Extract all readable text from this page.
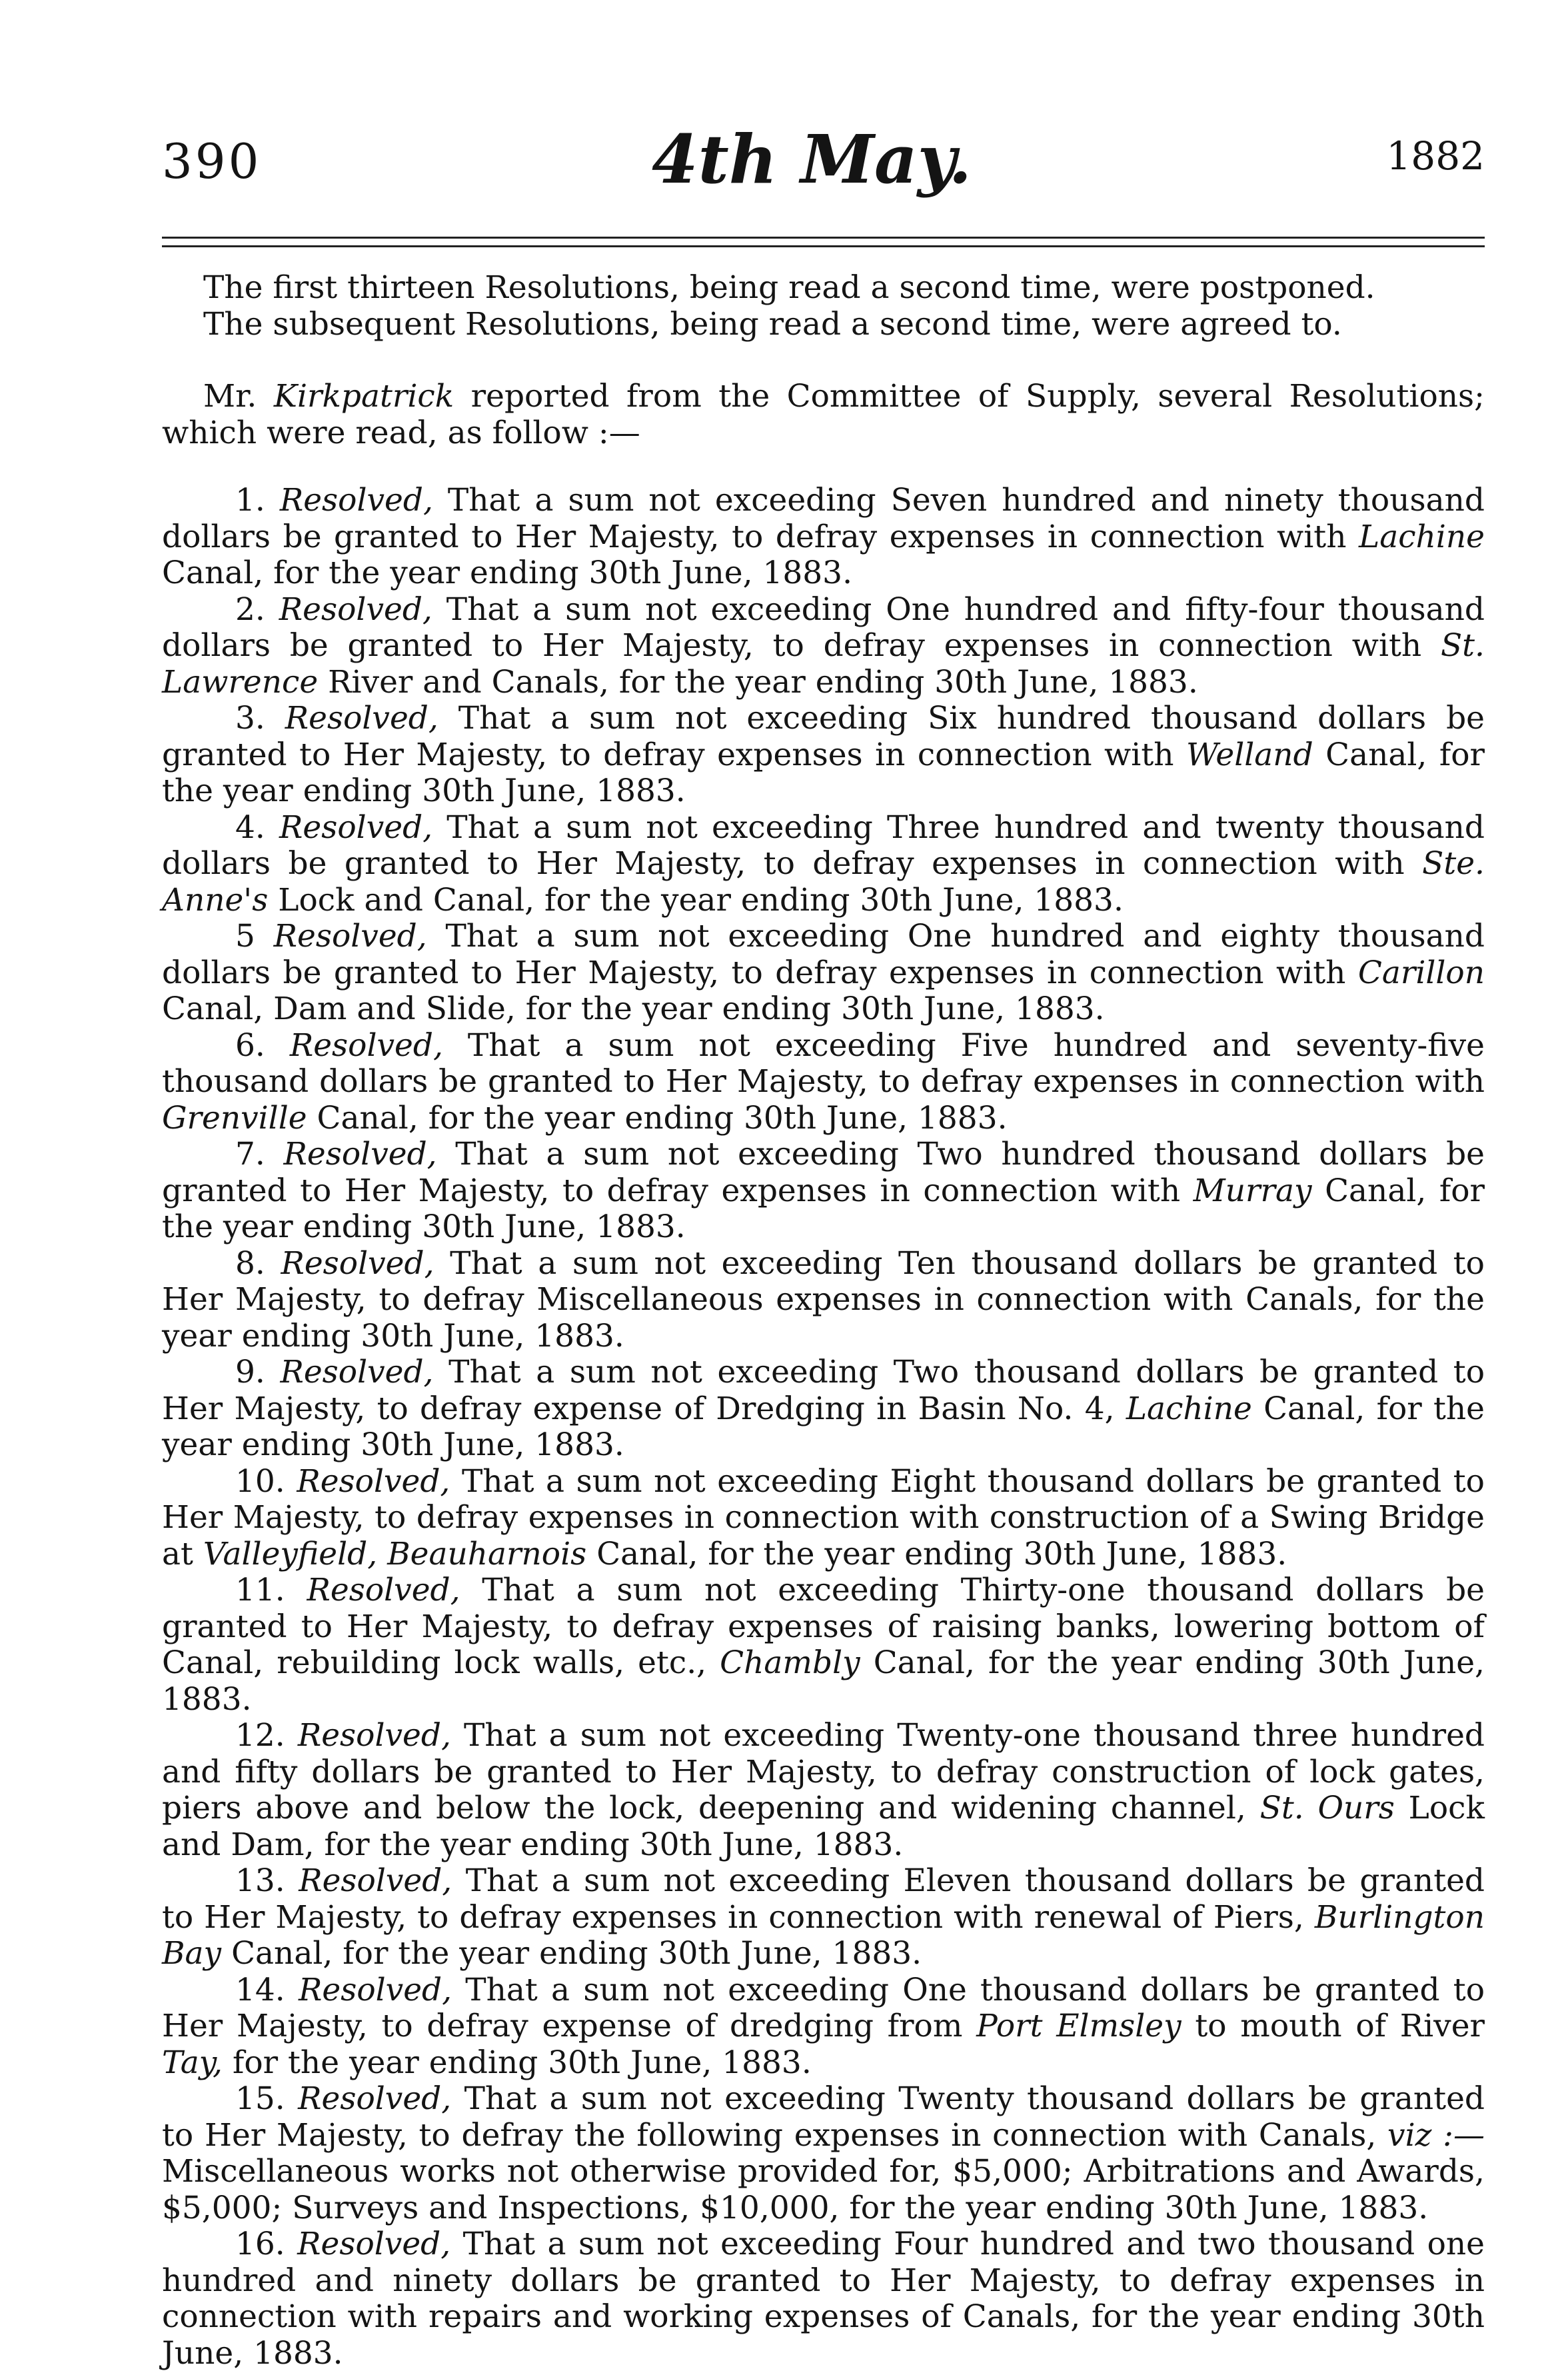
390	4th May.	1882

The first thirteen Resolutions, being read a second time, were postponed.

The subsequent Resolutions, being read a second time, were agreed to.

Mr. Kirkpatrick reported from the Committee of Supply, several Resolutions; which were read, as follow :—

1. Resolved, That a sum not exceeding Seven hundred and ninety thousand dollars be granted to Her Majesty, to defray expenses in connection with Lachine Canal, for the year ending 30th June, 1883.

2. Resolved, That a sum not exceeding One hundred and fifty-four thousand dollars be granted to Her Majesty, to defray expenses in connection with St. Lawrence River and Canals, for the year ending 30th June, 1883.

3. Resolved, That a sum not exceeding Six hundred thousand dollars be granted to Her Majesty, to defray expenses in connection with Welland Canal, for the year ending 30th June, 1883.

4. Resolved, That a sum not exceeding Three hundred and twenty thousand dollars be granted to Her Majesty, to defray expenses in connection with Ste. Anne's Lock and Canal, for the year ending 30th June, 1883.

5 Resolved, That a sum not exceeding One hundred and eighty thousand dollars be granted to Her Majesty, to defray expenses in connection with Carillon Canal, Dam and Slide, for the year ending 30th June, 1883.

6. Resolved, That a sum not exceeding Five hundred and seventy-five thousand dollars be granted to Her Majesty, to defray expenses in connection with Grenville Canal, for the year ending 30th June, 1883.

7. Resolved, That a sum not exceeding Two hundred thousand dollars be granted to Her Majesty, to defray expenses in connection with Murray Canal, for the year ending 30th June, 1883.

8. Resolved, That a sum not exceeding Ten thousand dollars be granted to Her Majesty, to defray Miscellaneous expenses in connection with Canals, for the year ending 30th June, 1883.

9. Resolved, That a sum not exceeding Two thousand dollars be granted to Her Majesty, to defray expense of Dredging in Basin No. 4, Lachine Canal, for the year ending 30th June, 1883.

10. Resolved, That a sum not exceeding Eight thousand dollars be granted to Her Majesty, to defray expenses in connection with construction of a Swing Bridge at Valleyfield, Beauharnois Canal, for the year ending 30th June, 1883.

11. Resolved, That a sum not exceeding Thirty-one thousand dollars be granted to Her Majesty, to defray expenses of raising banks, lowering bottom of Canal, rebuilding lock walls, etc., Chambly Canal, for the year ending 30th June, 1883.

12. Resolved, That a sum not exceeding Twenty-one thousand three hundred and fifty dollars be granted to Her Majesty, to defray construction of lock gates, piers above and below the lock, deepening and widening channel, St. Ours Lock and Dam, for the year ending 30th June, 1883.

13. Resolved, That a sum not exceeding Eleven thousand dollars be granted to Her Majesty, to defray expenses in connection with renewal of Piers, Burlington Bay Canal, for the year ending 30th June, 1883.

14. Resolved, That a sum not exceeding One thousand dollars be granted to Her Majesty, to defray expense of dredging from Port Elmsley to mouth of River Tay, for the year ending 30th June, 1883.

15. Resolved, That a sum not exceeding Twenty thousand dollars be granted to Her Majesty, to defray the following expenses in connection with Canals, viz :— Miscellaneous works not otherwise provided for, $5,000; Arbitrations and Awards, $5,000; Surveys and Inspections, $10,000, for the year ending 30th June, 1883.

16. Resolved, That a sum not exceeding Four hundred and two thousand one hundred and ninety dollars be granted to Her Majesty, to defray expenses in connection with repairs and working expenses of Canals, for the year ending 30th June, 1883.
